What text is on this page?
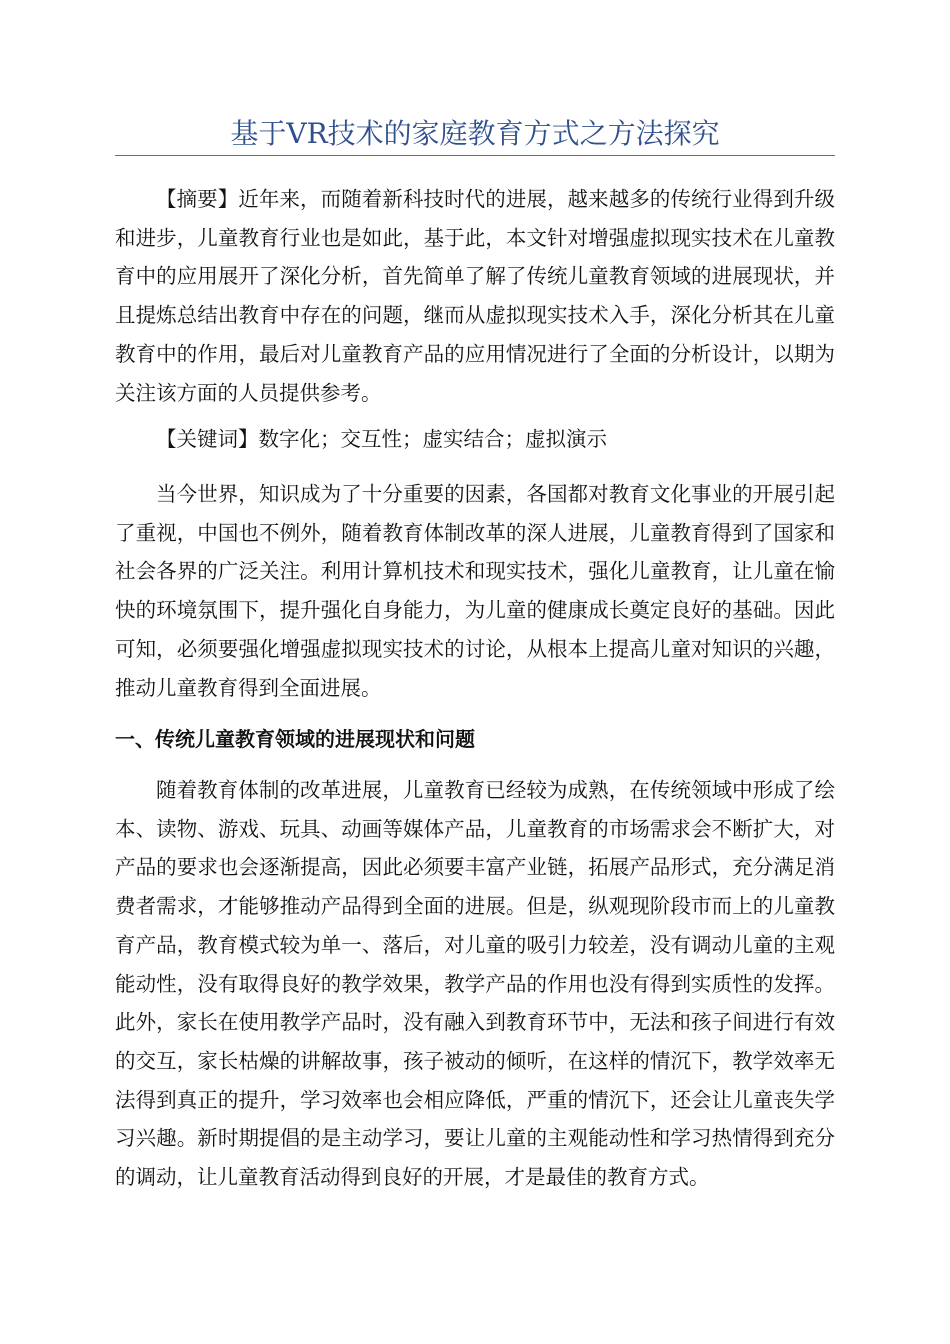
基于VR技术的家庭教育方式之方法探究

【摘要】近年来，而随着新科技时代的进展，越来越多的传统行业得到升级和进步，儿童教育行业也是如此，基于此，本文针对增强虚拟现实技术在儿童教育中的应用展开了深化分析，首先简单了解了传统儿童教育领域的进展现状，并且提炼总结出教育中存在的问题，继而从虚拟现实技术入手，深化分析其在儿童教育中的作用，最后对儿童教育产品的应用情况进行了全面的分析设计，以期为关注该方面的人员提供参考。

【关键词】数字化；交互性；虚实结合；虚拟演示

当今世界，知识成为了十分重要的因素，各国都对教育文化事业的开展引起了重视，中国也不例外，随着教育体制改革的深人进展，儿童教育得到了国家和社会各界的广泛关注。利用计算机技术和现实技术，强化儿童教育，让儿童在愉快的环境氛围下，提升强化自身能力，为儿童的健康成长奠定良好的基础。因此可知，必须要强化增强虚拟现实技术的讨论，从根本上提高儿童对知识的兴趣，推动儿童教育得到全面进展。

一、传统儿童教育领域的进展现状和问题

随着教育体制的改革进展，儿童教育已经较为成熟，在传统领域中形成了绘本、读物、游戏、玩具、动画等媒体产品，儿童教育的市场需求会不断扩大，对产品的要求也会逐渐提高，因此必须要丰富产业链，拓展产品形式，充分满足消费者需求，才能够推动产品得到全面的进展。但是，纵观现阶段市而上的儿童教育产品，教育模式较为单一、落后，对儿童的吸引力较差，没有调动儿童的主观能动性，没有取得良好的教学效果，教学产品的作用也没有得到实质性的发挥。此外，家长在使用教学产品时，没有融入到教育环节中，无法和孩子间进行有效的交互，家长枯燥的讲解故事，孩子被动的倾听，在这样的情沉下，教学效率无法得到真正的提升，学习效率也会相应降低，严重的情沉下，还会让儿童丧失学习兴趣。新时期提倡的是主动学习，要让儿童的主观能动性和学习热情得到充分的调动，让儿童教育活动得到良好的开展，才是最佳的教育方式。
